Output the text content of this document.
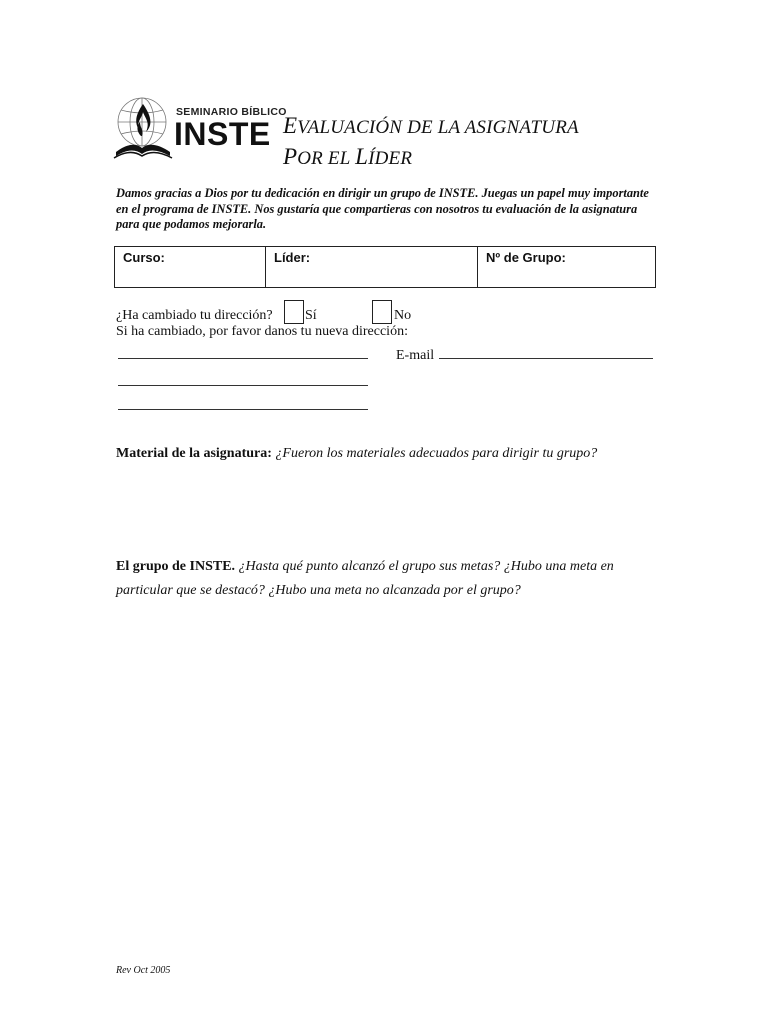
SEMINARIO BÍBLICO
INSTE EVALUACIÓN DE LA ASIGNATURA
POR EL LÍDER
Damos gracias a Dios por tu dedicación en dirigir un grupo de INSTE. Juegas un papel muy importante en el programa de INSTE. Nos gustaría que compartieras con nosotros tu evaluación de la asignatura para que podamos mejorarla.
Curso:	Líder:	Nº de Grupo:
¿Ha cambiado tu dirección? Sí	No
Si ha cambiado, por favor danos tu nueva dirección:
E-mail
Material de la asignatura: ¿Fueron los materiales adecuados para dirigir tu grupo?
El grupo de INSTE. ¿Hasta qué punto alcanzó el grupo sus metas? ¿Hubo una meta en particular que se destacó? ¿Hubo una meta no alcanzada por el grupo?
Rev Oct 2005
